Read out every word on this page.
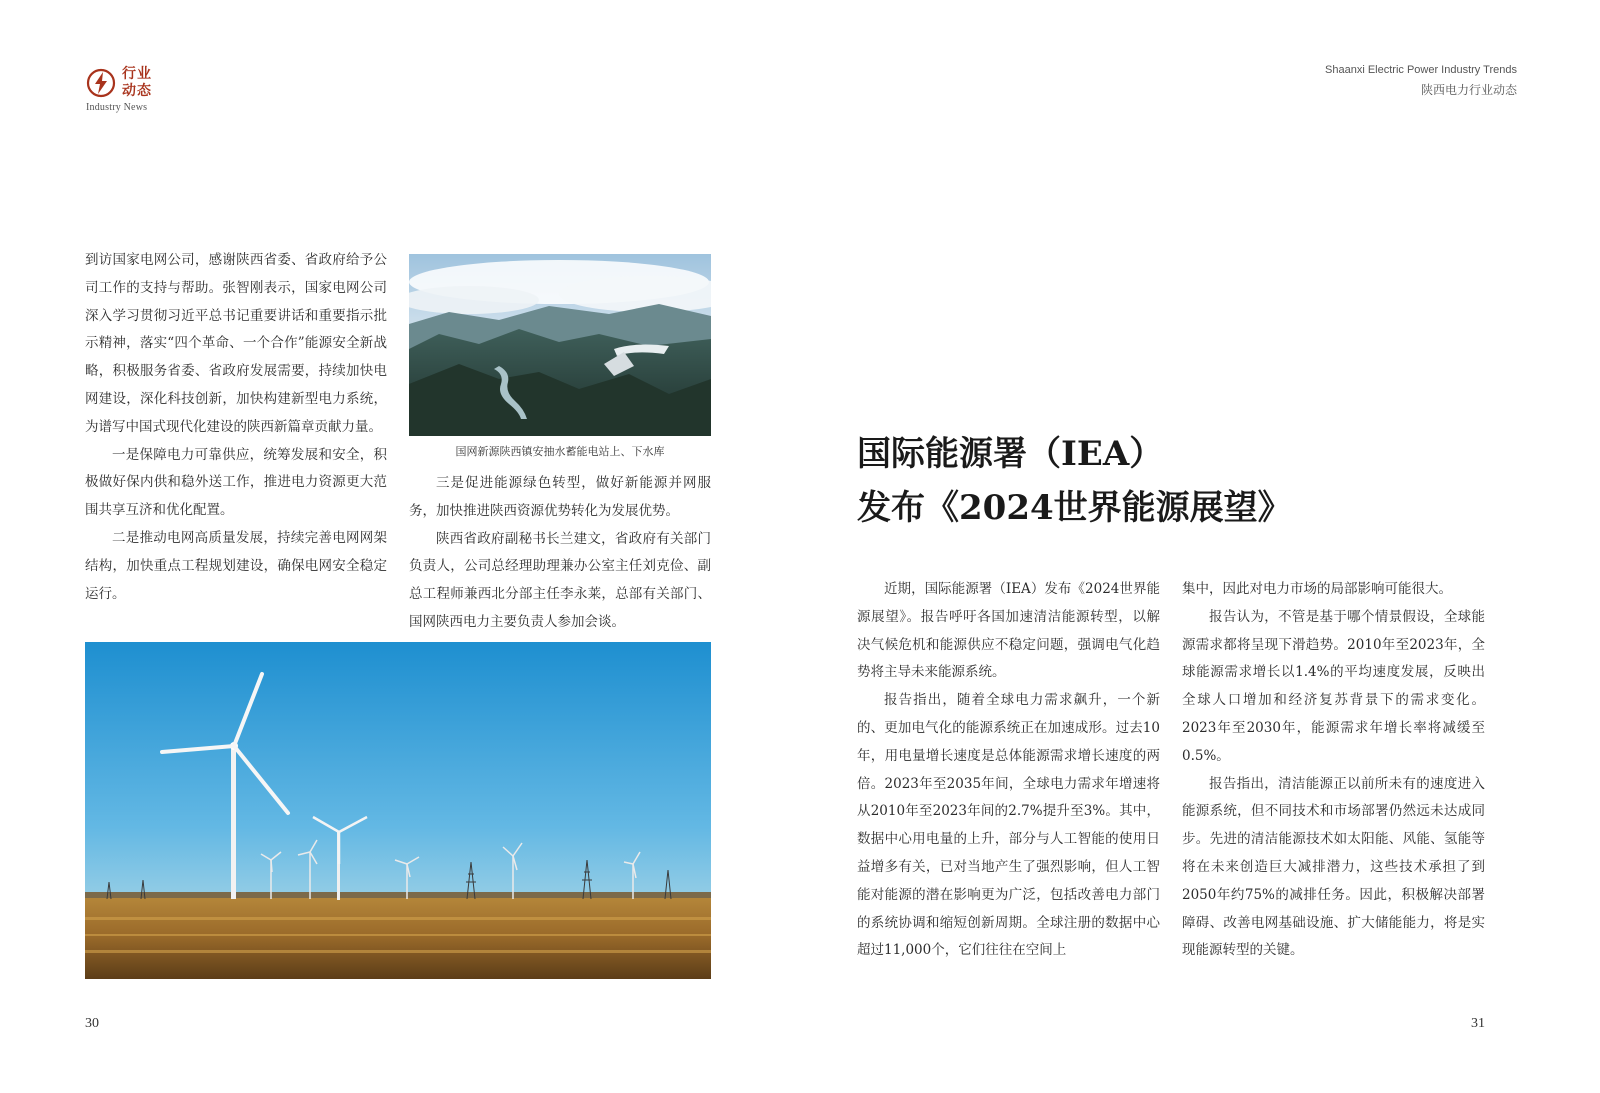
行业
动态
Industry News
Shaanxi Electric Power Industry Trends
陕西电力行业动态

到访国家电网公司，感谢陕西省委、省政府给予公司工作的支持与帮助。张智刚表示，国家电网公司深入学习贯彻习近平总书记重要讲话和重要指示批示精神，落实“四个革命、一个合作”能源安全新战略，积极服务省委、省政府发展需要，持续加快电网建设，深化科技创新，加快构建新型电力系统，为谱写中国式现代化建设的陕西新篇章贡献力量。

一是保障电力可靠供应，统筹发展和安全，积极做好保内供和稳外送工作，推进电力资源更大范围共享互济和优化配置。

二是推动电网高质量发展，持续完善电网网架结构，加快重点工程规划建设，确保电网安全稳定运行。

国网新源陕西镇安抽水蓄能电站上、下水库

三是促进能源绿色转型，做好新能源并网服务，加快推进陕西资源优势转化为发展优势。

陕西省政府副秘书长兰建文，省政府有关部门负责人，公司总经理助理兼办公室主任刘克俭、副总工程师兼西北分部主任李永莱，总部有关部门、国网陕西电力主要负责人参加会谈。

30
国际能源署（IEA）
发布《2024世界能源展望》

近期，国际能源署（IEA）发布《2024世界能源展望》。报告呼吁各国加速清洁能源转型，以解决气候危机和能源供应不稳定问题，强调电气化趋势将主导未来能源系统。

报告指出，随着全球电力需求飙升，一个新的、更加电气化的能源系统正在加速成形。过去10年，用电量增长速度是总体能源需求增长速度的两倍。2023年至2035年间，全球电力需求年增速将从2010年至2023年间的2.7%提升至3%。其中，数据中心用电量的上升，部分与人工智能的使用日益增多有关，已对当地产生了强烈影响，但人工智能对能源的潜在影响更为广泛，包括改善电力部门的系统协调和缩短创新周期。全球注册的数据中心超过11,000个，它们往往在空间上

集中，因此对电力市场的局部影响可能很大。

报告认为，不管是基于哪个情景假设，全球能源需求都将呈现下滑趋势。2010年至2023年，全球能源需求增长以1.4%的平均速度发展，反映出全球人口增加和经济复苏背景下的需求变化。2023年至2030年，能源需求年增长率将减缓至0.5%。

报告指出，清洁能源正以前所未有的速度进入能源系统，但不同技术和市场部署仍然远未达成同步。先进的清洁能源技术如太阳能、风能、氢能等将在未来创造巨大减排潜力，这些技术承担了到2050年约75%的减排任务。因此，积极解决部署障碍、改善电网基础设施、扩大储能能力，将是实现能源转型的关键。

31
